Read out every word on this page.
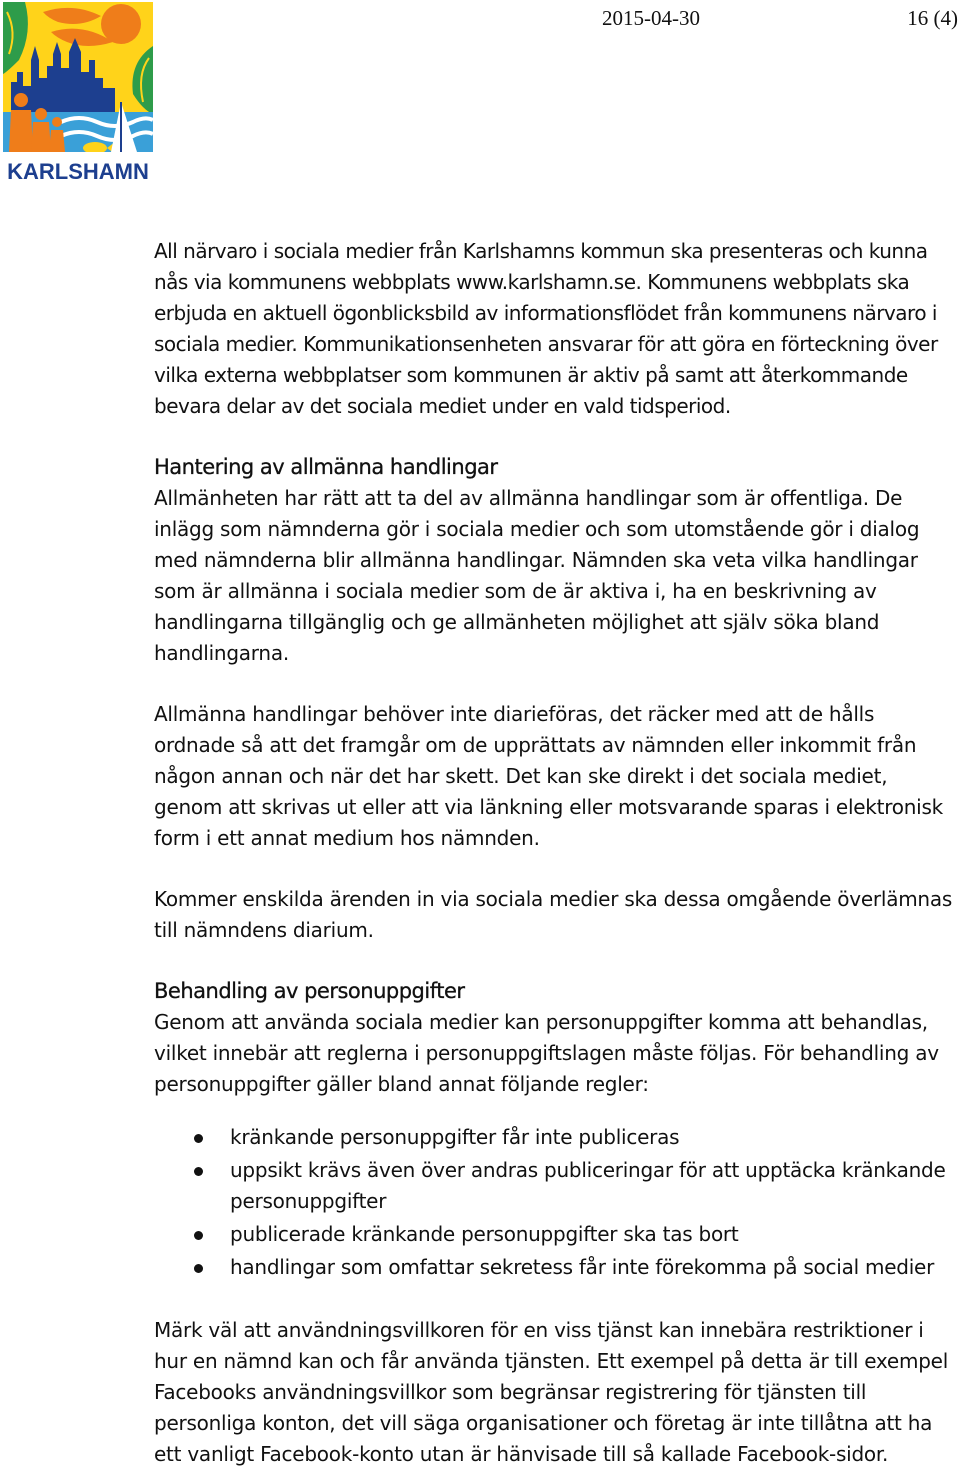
KARLSHAMN
2015-04-30	16 (4)

All närvaro i sociala medier från Karlshamns kommun ska presenteras och kunna nås via kommunens webbplats www.karlshamn.se. Kommunens webbplats ska erbjuda en aktuell ögonblicksbild av informationsflödet från kommunens närvaro i sociala medier. Kommunikationsenheten ansvarar för att göra en förteckning över vilka externa webbplatser som kommunen är aktiv på samt att återkommande bevara delar av det sociala mediet under en vald tidsperiod.

Hantering av allmänna handlingar

Allmänheten har rätt att ta del av allmänna handlingar som är offentliga. De inlägg som nämnderna gör i sociala medier och som utomstående gör i dialog med nämnderna blir allmänna handlingar. Nämnden ska veta vilka handlingar som är allmänna i sociala medier som de är aktiva i, ha en beskrivning av handlingarna tillgänglig och ge allmänheten möjlighet att själv söka bland handlingarna.

Allmänna handlingar behöver inte diarieföras, det räcker med att de hålls ordnade så att det framgår om de upprättats av nämnden eller inkommit från någon annan och när det har skett. Det kan ske direkt i det sociala mediet, genom att skrivas ut eller att via länkning eller motsvarande sparas i elektronisk form i ett annat medium hos nämnden.

Kommer enskilda ärenden in via sociala medier ska dessa omgående överlämnas till nämndens diarium.

Behandling av personuppgifter

Genom att använda sociala medier kan personuppgifter komma att behandlas, vilket innebär att reglerna i personuppgiftslagen måste följas. För behandling av personuppgifter gäller bland annat följande regler:

kränkande personuppgifter får inte publiceras
uppsikt krävs även över andras publiceringar för att upptäcka kränkande personuppgifter
publicerade kränkande personuppgifter ska tas bort
handlingar som omfattar sekretess får inte förekomma på social medier

Märk väl att användningsvillkoren för en viss tjänst kan innebära restriktioner i hur en nämnd kan och får använda tjänsten. Ett exempel på detta är till exempel Facebooks användningsvillkor som begränsar registrering för tjänsten till personliga konton, det vill säga organisationer och företag är inte tillåtna att ha ett vanligt Facebook-konto utan är hänvisade till så kallade Facebook-sidor.
